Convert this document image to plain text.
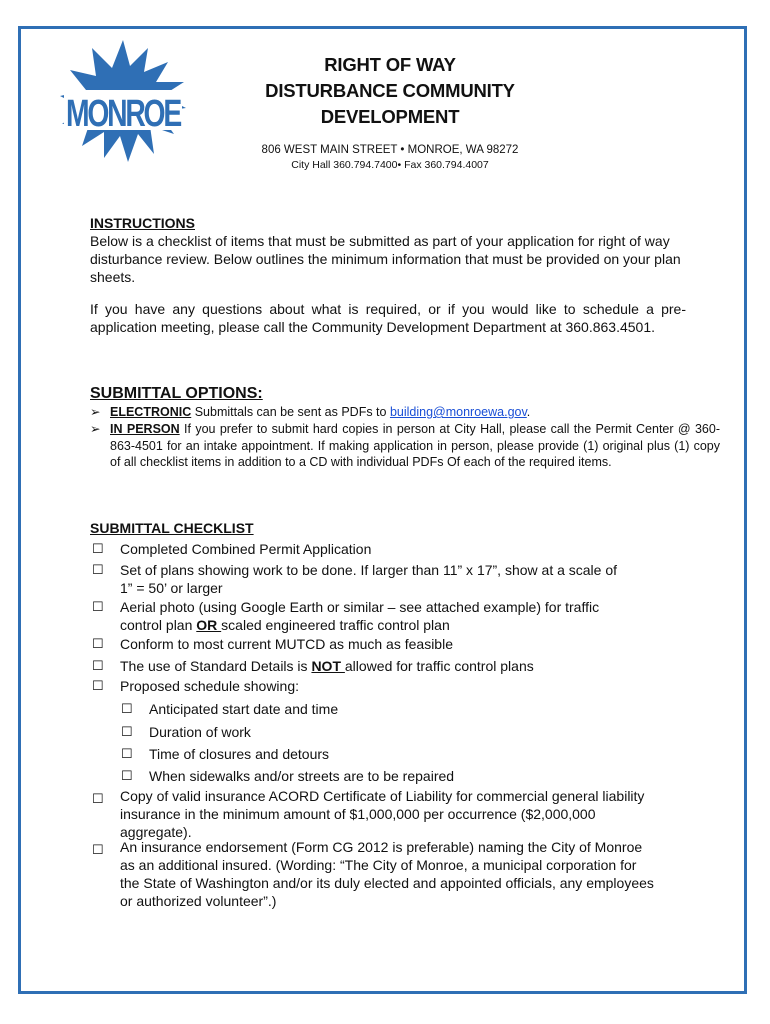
MONROE
RIGHT OF WAY
DISTURBANCE COMMUNITY
DEVELOPMENT
806 WEST MAIN STREET • MONROE, WA 98272
City Hall 360.794.7400• Fax 360.794.4007
INSTRUCTIONS
Below is a checklist of items that must be submitted as part of your application for right of way disturbance review. Below outlines the minimum information that must be provided on your plan sheets.
If you have any questions about what is required, or if you would like to schedule a pre-application meeting, please call the Community Development Department at 360.863.4501.
SUBMITTAL OPTIONS:
➢ ELECTRONIC Submittals can be sent as PDFs to building@monroewa.gov.
➢ IN PERSON If you prefer to submit hard copies in person at City Hall, please call the Permit Center @ 360-863-4501 for an intake appointment. If making application in person, please provide (1) original plus (1) copy of all checklist items in addition to a CD with individual PDFs Of each of the required items.
SUBMITTAL CHECKLIST
☐ Completed Combined Permit Application
☐ Set of plans showing work to be done. If larger than 11” x 17”, show at a scale of
1” = 50’ or larger
☐ Aerial photo (using Google Earth or similar – see attached example) for traffic
control plan OR scaled engineered traffic control plan
☐ Conform to most current MUTCD as much as feasible
☐ The use of Standard Details is NOT allowed for traffic control plans
☐ Proposed schedule showing:
☐ Anticipated start date and time
☐ Duration of work
☐ Time of closures and detours
☐ When sidewalks and/or streets are to be repaired
☐ Copy of valid insurance ACORD Certificate of Liability for commercial general liability
insurance in the minimum amount of $1,000,000 per occurrence ($2,000,000
aggregate).
☐ An insurance endorsement (Form CG 2012 is preferable) naming the City of Monroe
as an additional insured. (Wording: “The City of Monroe, a municipal corporation for
the State of Washington and/or its duly elected and appointed officials, any employees
or authorized volunteer”.)
